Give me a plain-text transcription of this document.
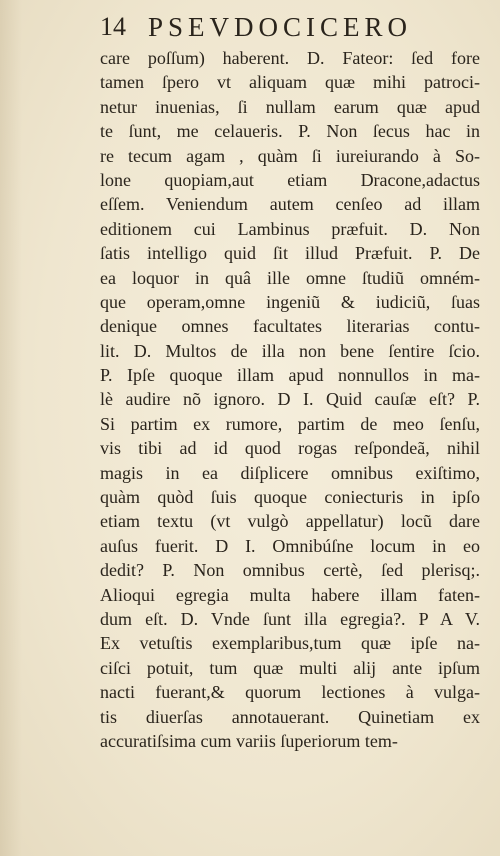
14 PSEVDOCICERO
care poſſum) haberent. D. Fateor: ſed fore
tamen ſpero vt aliquam quæ mihi patroci-
netur inuenias, ſi nullam earum quæ apud
te ſunt, me celaueris. P. Non ſecus hac in
re tecum agam , quàm ſi iureiurando à So-
lone quopiam,aut etiam Dracone,adactus
eſſem. Veniendum autem cenſeo ad illam
editionem cui Lambinus præfuit. D. Non
ſatis intelligo quid ſit illud Præfuit. P. De
ea loquor in quâ ille omne ſtudiũ omném-
que operam,omne ingeniũ & iudiciũ, ſuas
denique omnes facultates literarias contu-
lit. D. Multos de illa non bene ſentire ſcio.
P. Ipſe quoque illam apud nonnullos in ma-
lè audire nõ ignoro. D I. Quid cauſæ eſt? P.
Si partim ex rumore, partim de meo ſenſu,
vis tibi ad id quod rogas reſpondeã, nihil
magis in ea diſplicere omnibus exiſtimo,
quàm quòd ſuis quoque coniecturis in ipſo
etiam textu (vt vulgò appellatur) locũ dare
auſus fuerit. D I. Omnibúſne locum in eo
dedit? P. Non omnibus certè, ſed plerisq;.
Alioqui egregia multa habere illam faten-
dum eſt. D. Vnde ſunt illa egregia?. P A V.
Ex vetuſtis exemplaribus,tum quæ ipſe na-
ciſci potuit, tum quæ multi alij ante ipſum
nacti fuerant,& quorum lectiones à vulga-
tis diuerſas annotauerant. Quinetiam ex
accuratiſsima cum variis ſuperiorum tem-
